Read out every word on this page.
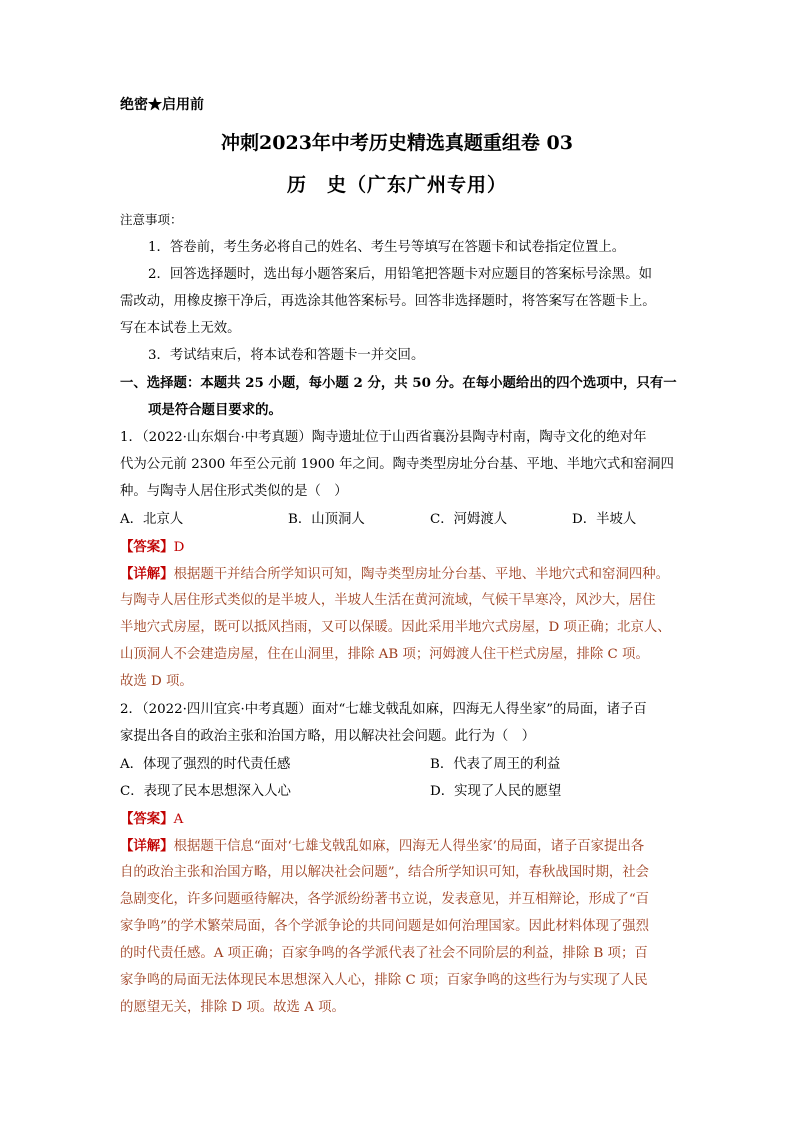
绝密★启用前
冲刺2023年中考历史精选真题重组卷 03
历　史（广东广州专用）
注意事项：
1．答卷前，考生务必将自己的姓名、考生号等填写在答题卡和试卷指定位置上。
2．回答选择题时，选出每小题答案后，用铅笔把答题卡对应题目的答案标号涂黑。如
需改动，用橡皮擦干净后，再选涂其他答案标号。回答非选择题时，将答案写在答题卡上。
写在本试卷上无效。
3．考试结束后，将本试卷和答题卡一并交回。
一、选择题：本题共 25 小题，每小题 2 分，共 50 分。在每小题给出的四个选项中，只有一
项是符合题目要求的。
1．（2022·山东烟台·中考真题）陶寺遗址位于山西省襄汾县陶寺村南，陶寺文化的绝对年
代为公元前 2300 年至公元前 1900 年之间。陶寺类型房址分台基、平地、半地穴式和窑洞四
种。与陶寺人居住形式类似的是（　）
A．北京人	B．山顶洞人	C．河姆渡人	D．半坡人
【答案】D
【详解】根据题干并结合所学知识可知，陶寺类型房址分台基、平地、半地穴式和窑洞四种。
与陶寺人居住形式类似的是半坡人，半坡人生活在黄河流域，气候干旱寒冷，风沙大，居住
半地穴式房屋，既可以抵风挡雨，又可以保暖。因此采用半地穴式房屋，D 项正确；北京人、
山顶洞人不会建造房屋，住在山洞里，排除 AB 项；河姆渡人住干栏式房屋，排除 C 项。
故选 D 项。
2．（2022·四川宜宾·中考真题）面对“七雄戈戟乱如麻，四海无人得坐家”的局面，诸子百
家提出各自的政治主张和治国方略，用以解决社会问题。此行为（　）
A．体现了强烈的时代责任感	B．代表了周王的利益
C．表现了民本思想深入人心	D．实现了人民的愿望
【答案】A
【详解】根据题干信息“面对‘七雄戈戟乱如麻，四海无人得坐家’的局面，诸子百家提出各
自的政治主张和治国方略，用以解决社会问题”，结合所学知识可知，春秋战国时期，社会
急剧变化，许多问题亟待解决，各学派纷纷著书立说，发表意见，并互相辩论，形成了“百
家争鸣”的学术繁荣局面，各个学派争论的共同问题是如何治理国家。因此材料体现了强烈
的时代责任感。A 项正确；百家争鸣的各学派代表了社会不同阶层的利益，排除 B 项；百
家争鸣的局面无法体现民本思想深入人心，排除 C 项；百家争鸣的这些行为与实现了人民
的愿望无关，排除 D 项。故选 A 项。
